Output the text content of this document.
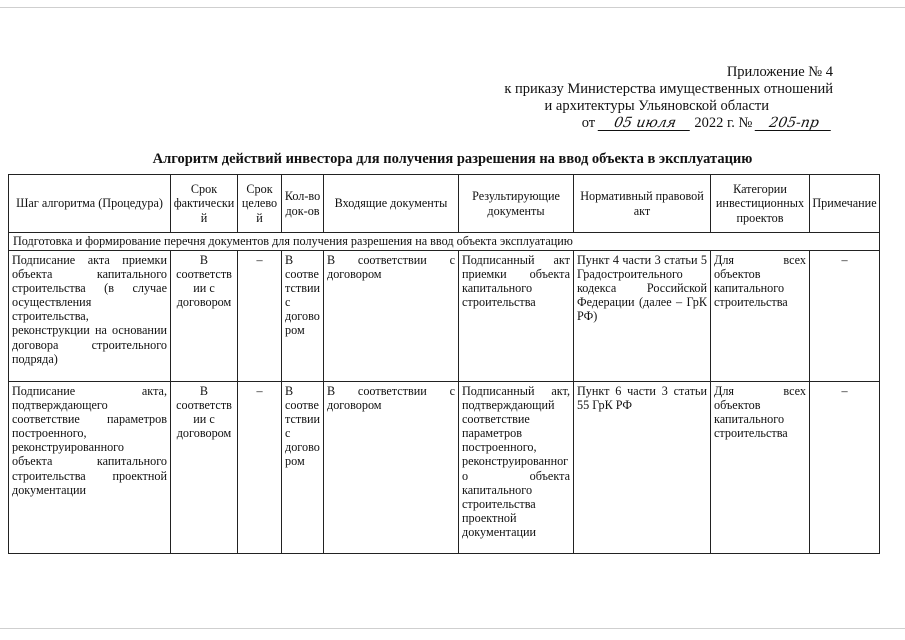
Приложение № 4
к приказу Министерства имущественных отношений
и архитектуры Ульяновской области
от 05 июля 2022 г. № 205-пр
Алгоритм действий инвестора для получения разрешения на ввод объекта в эксплуатацию
Шаг алгоритма (Процедура)	Срок фактический	Срок целевой	Кол-во док-ов	Входящие документы	Результирующие документы	Нормативный правовой акт	Категории инвестиционных проектов	Примечание
Подготовка и формирование перечня документов для получения разрешения на ввод объекта эксплуатацию								
Подписание акта приемки объекта капитального строительства (в случае осуществления строительства, реконструкции на основании договора строительного подряда)	В соответствии с договором	–	В соответствии с договором	В соответствии с договором	Подписанный акт приемки объекта капитального строительства	Пункт 4 части 3 статьи 5 Градостроительного кодекса Российской Федерации (далее – ГрК РФ)	Для всех объектов капитального строительства	–
Подписание акта, подтверждающего соответствие параметров построенного, реконструированного объекта капитального строительства проектной документации	В соответствии с договором	–	В соответствии с договором	В соответствии с договором	Подписанный акт, подтверждающий соответствие параметров построенного, реконструированного объекта капитального строительства проектной документации	Пункт 6 части 3 статьи 55 ГрК РФ	Для всех объектов капитального строительства	–
